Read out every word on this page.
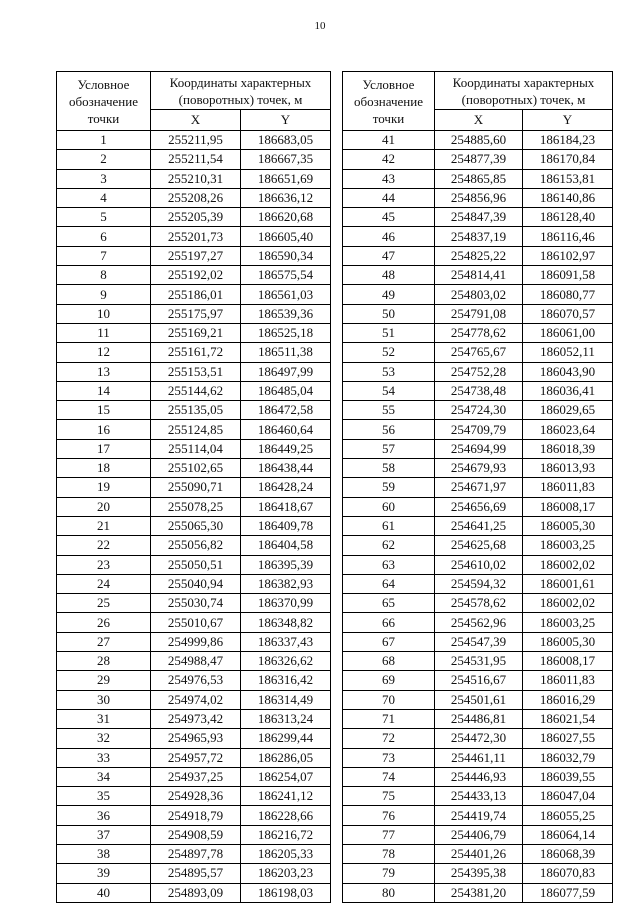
10
Условное обозначение точки	Координаты характерных (поворотных) точек, м	
	X	Y
1	255211,95	186683,05
2	255211,54	186667,35
3	255210,31	186651,69
4	255208,26	186636,12
5	255205,39	186620,68
6	255201,73	186605,40
7	255197,27	186590,34
8	255192,02	186575,54
9	255186,01	186561,03
10	255175,97	186539,36
11	255169,21	186525,18
12	255161,72	186511,38
13	255153,51	186497,99
14	255144,62	186485,04
15	255135,05	186472,58
16	255124,85	186460,64
17	255114,04	186449,25
18	255102,65	186438,44
19	255090,71	186428,24
20	255078,25	186418,67
21	255065,30	186409,78
22	255056,82	186404,58
23	255050,51	186395,39
24	255040,94	186382,93
25	255030,74	186370,99
26	255010,67	186348,82
27	254999,86	186337,43
28	254988,47	186326,62
29	254976,53	186316,42
30	254974,02	186314,49
31	254973,42	186313,24
32	254965,93	186299,44
33	254957,72	186286,05
34	254937,25	186254,07
35	254928,36	186241,12
36	254918,79	186228,66
37	254908,59	186216,72
38	254897,78	186205,33
39	254895,57	186203,23
40	254893,09	186198,03
Условное обозначение точки	Координаты характерных (поворотных) точек, м	
	X	Y
41	254885,60	186184,23
42	254877,39	186170,84
43	254865,85	186153,81
44	254856,96	186140,86
45	254847,39	186128,40
46	254837,19	186116,46
47	254825,22	186102,97
48	254814,41	186091,58
49	254803,02	186080,77
50	254791,08	186070,57
51	254778,62	186061,00
52	254765,67	186052,11
53	254752,28	186043,90
54	254738,48	186036,41
55	254724,30	186029,65
56	254709,79	186023,64
57	254694,99	186018,39
58	254679,93	186013,93
59	254671,97	186011,83
60	254656,69	186008,17
61	254641,25	186005,30
62	254625,68	186003,25
63	254610,02	186002,02
64	254594,32	186001,61
65	254578,62	186002,02
66	254562,96	186003,25
67	254547,39	186005,30
68	254531,95	186008,17
69	254516,67	186011,83
70	254501,61	186016,29
71	254486,81	186021,54
72	254472,30	186027,55
73	254461,11	186032,79
74	254446,93	186039,55
75	254433,13	186047,04
76	254419,74	186055,25
77	254406,79	186064,14
78	254401,26	186068,39
79	254395,38	186070,83
80	254381,20	186077,59
